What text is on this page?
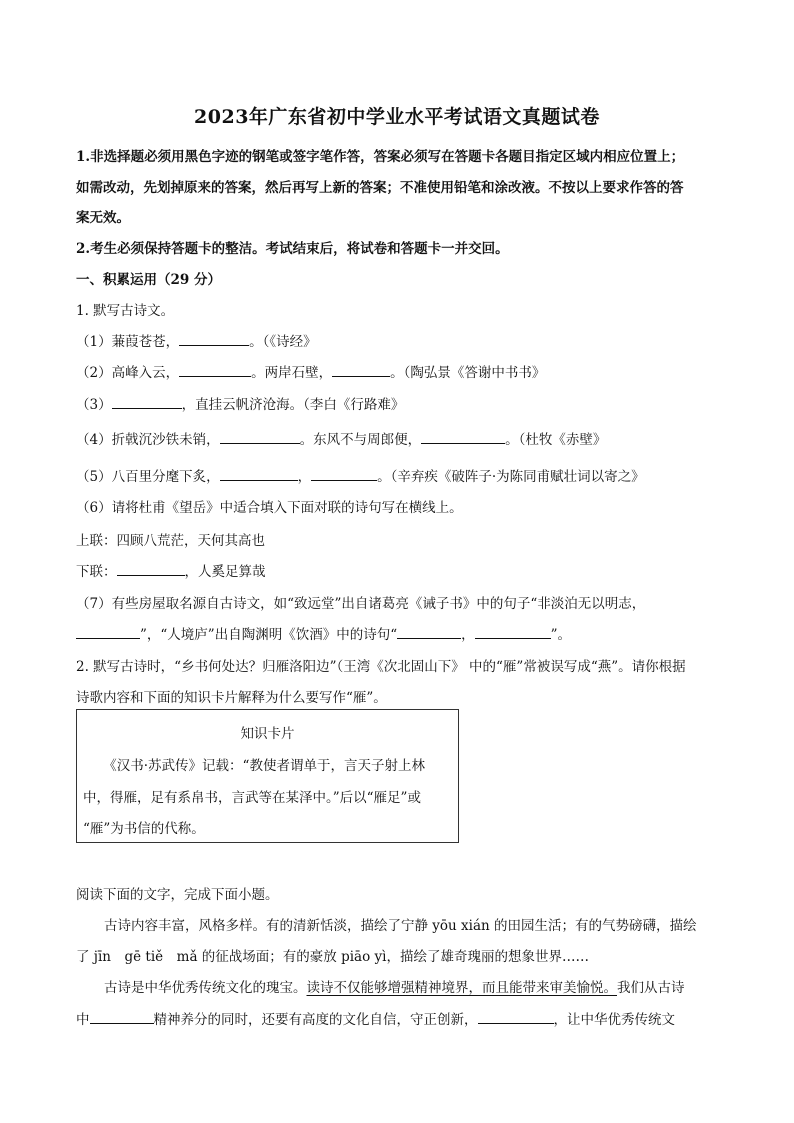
2023年广东省初中学业水平考试语文真题试卷
1.非选择题必须用黑色字迹的钢笔或签字笔作答，答案必须写在答题卡各题目指定区域内相应位置上；
如需改动，先划掉原来的答案，然后再写上新的答案；不准使用铅笔和涂改液。不按以上要求作答的答
案无效。
2.考生必须保持答题卡的整洁。考试结束后，将试卷和答题卡一并交回。
一、积累运用（29 分）
1. 默写古诗文。
（1）蒹葭苍苍，	。（《诗经》
（2）高峰入云，	。两岸石壁，	。（陶弘景《答谢中书书》
（3）	，直挂云帆济沧海。（李白《行路难》
（4）折戟沉沙铁未销，	。东风不与周郎便，	。（杜牧《赤壁》
（5）八百里分麾下炙，	，	。（辛弃疾《破阵子·为陈同甫赋壮词以寄之》
（6）请将杜甫《望岳》中适合填入下面对联的诗句写在横线上。
上联：四顾八荒茫，天何其高也
下联：	，人奚足算哉
（7）有些房屋取名源自古诗文，如“致远堂”出自诸葛亮《诫子书》中的句子“非淡泊无以明志，
”，“人境庐”出自陶渊明《饮酒》中的诗句“	，	”。
2. 默写古诗时，“乡书何处达？归雁洛阳边”（王湾《次北固山下》 中的“雁”常被误写成“燕”。请你根据
诗歌内容和下面的知识卡片解释为什么要写作“雁”。
知识卡片
　　《汉书·苏武传》记载：“教使者谓单于，言天子射上林
中，得雁，足有系帛书，言武等在某泽中。”后以“雁足”或
“雁”为书信的代称。
阅读下面的文字，完成下面小题。
古诗内容丰富，风格多样。有的清新恬淡，描绘了宁静 yōu xián 的田园生活；有的气势磅礴，描绘
了 jīn　gē tiě　mǎ 的征战场面；有的豪放 piāo yì，描绘了雄奇瑰丽的想象世界……
古诗是中华优秀传统文化的瑰宝。读诗不仅能够增强精神境界，而且能带来审美愉悦。我们从古诗
中	精神养分的同时，还要有高度的文化自信，守正创新，	，让中华优秀传统文
